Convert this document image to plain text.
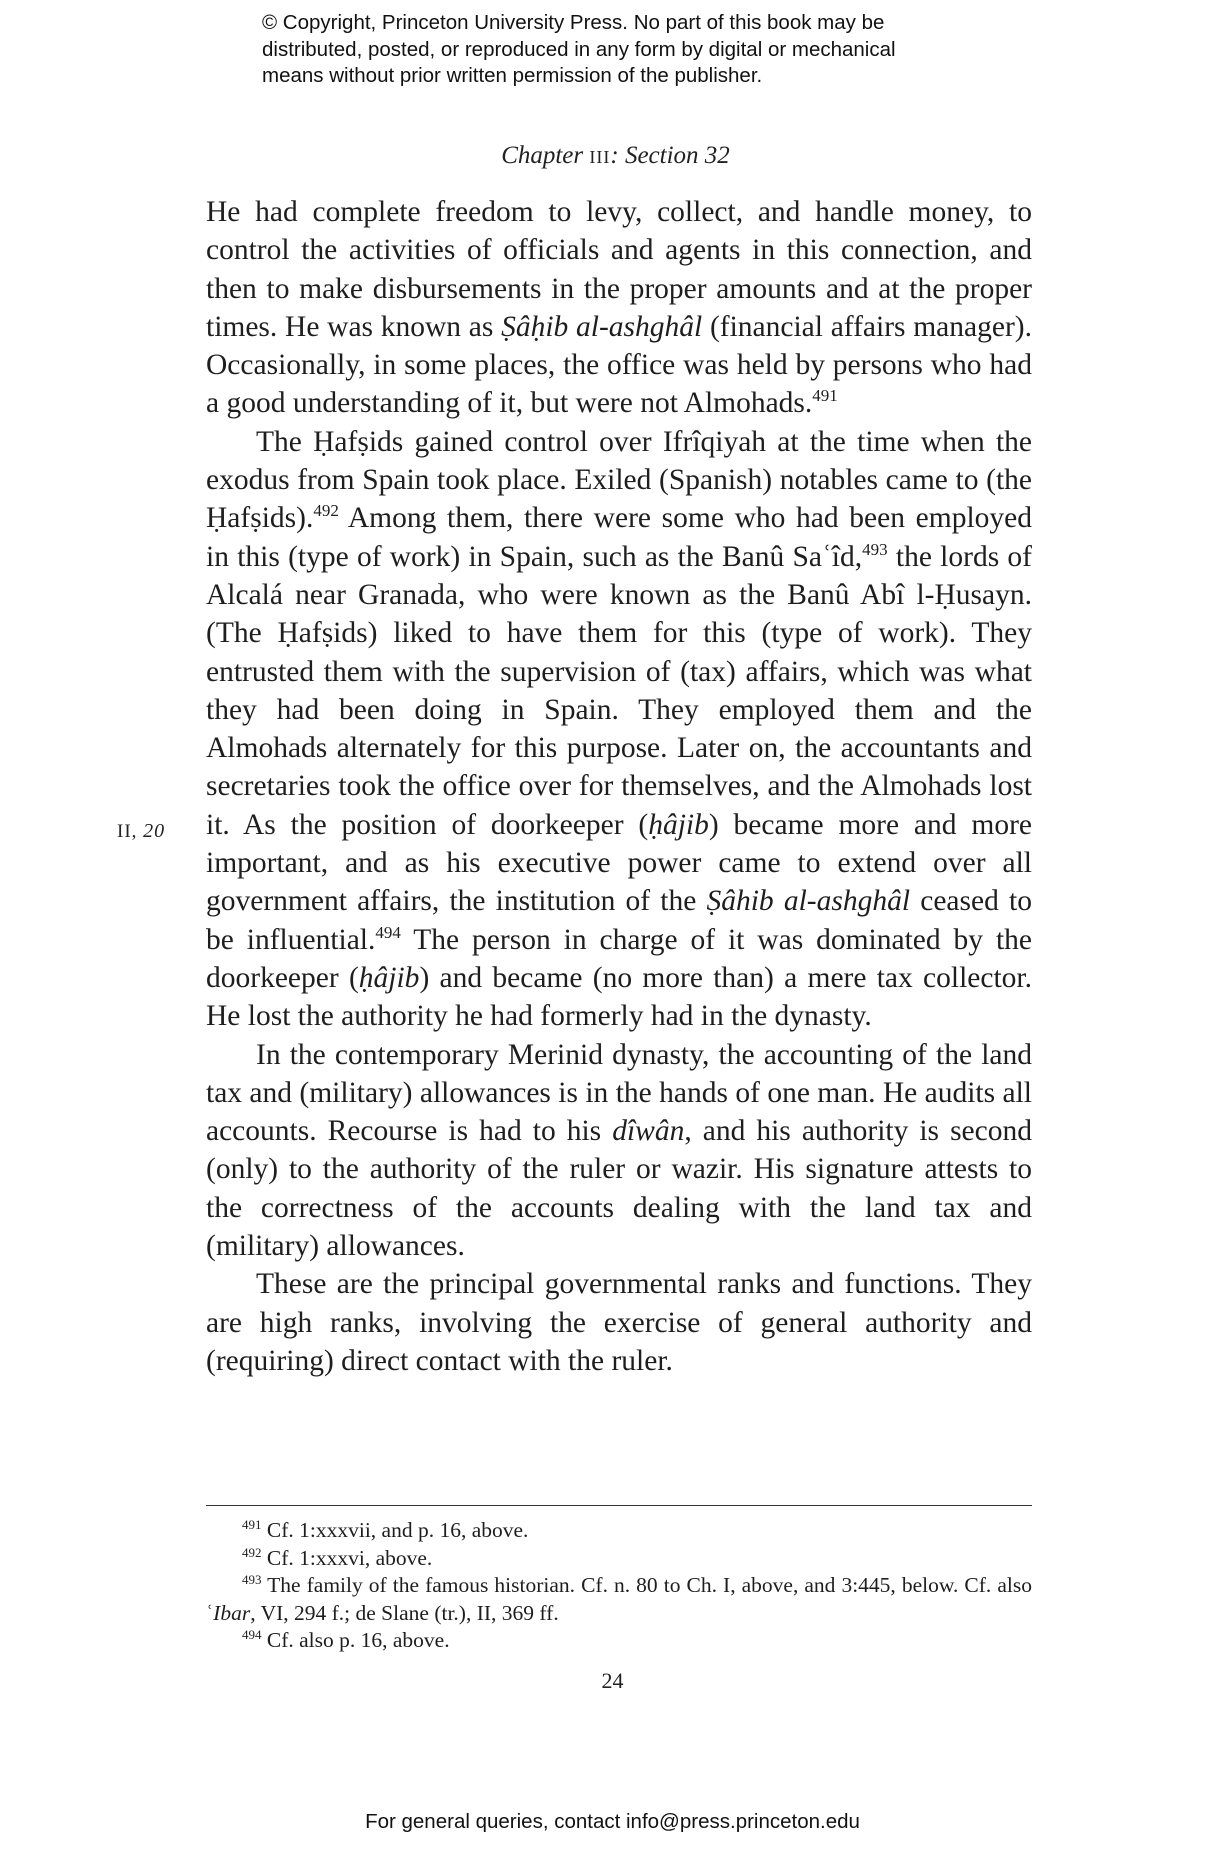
© Copyright, Princeton University Press. No part of this book may be
distributed, posted, or reproduced in any form by digital or mechanical
means without prior written permission of the publisher.
Chapter III: Section 32
II, 20

He had complete freedom to levy, collect, and handle money, to control the activities of officials and agents in this connection, and then to make disbursements in the proper amounts and at the proper times. He was known as Ṣâḥib al-ashghâl (financial affairs manager). Occasionally, in some places, the office was held by persons who had a good understanding of it, but were not Almohads.$^{491}$

The Ḥafṣids gained control over Ifrîqiyah at the time when the exodus from Spain took place. Exiled (Spanish) notables came to (the Ḥafṣids).$^{492}$ Among them, there were some who had been employed in this (type of work) in Spain, such as the Banû Saʿîd,$^{493}$ the lords of Alcalá near Granada, who were known as the Banû Abî l-Ḥusayn. (The Ḥafṣids) liked to have them for this (type of work). They entrusted them with the supervision of (tax) affairs, which was what they had been doing in Spain. They employed them and the Almohads alternately for this purpose. Later on, the accountants and secretaries took the office over for themselves, and the Almohads lost it. As the position of doorkeeper (ḥâjib) became more and more important, and as his executive power came to extend over all government affairs, the institution of the Ṣâhib al-ashghâl ceased to be influential.$^{494}$ The person in charge of it was dominated by the doorkeeper (ḥâjib) and became (no more than) a mere tax collector. He lost the authority he had formerly had in the dynasty.

In the contemporary Merinid dynasty, the accounting of the land tax and (military) allowances is in the hands of one man. He audits all accounts. Recourse is had to his dîwân, and his authority is second (only) to the authority of the ruler or wazir. His signature attests to the correctness of the accounts dealing with the land tax and (military) allowances.

These are the principal governmental ranks and functions. They are high ranks, involving the exercise of general authority and (requiring) direct contact with the ruler.

$^{491}$ Cf. 1:xxxvii, and p. 16, above.

$^{492}$ Cf. 1:xxxvi, above.

$^{493}$ The family of the famous historian. Cf. n. 80 to Ch. I, above, and 3:445, below. Cf. also ʿIbar, VI, 294 f.; de Slane (tr.), II, 369 ff.

$^{494}$ Cf. also p. 16, above.

24
For general queries, contact info@press.princeton.edu
